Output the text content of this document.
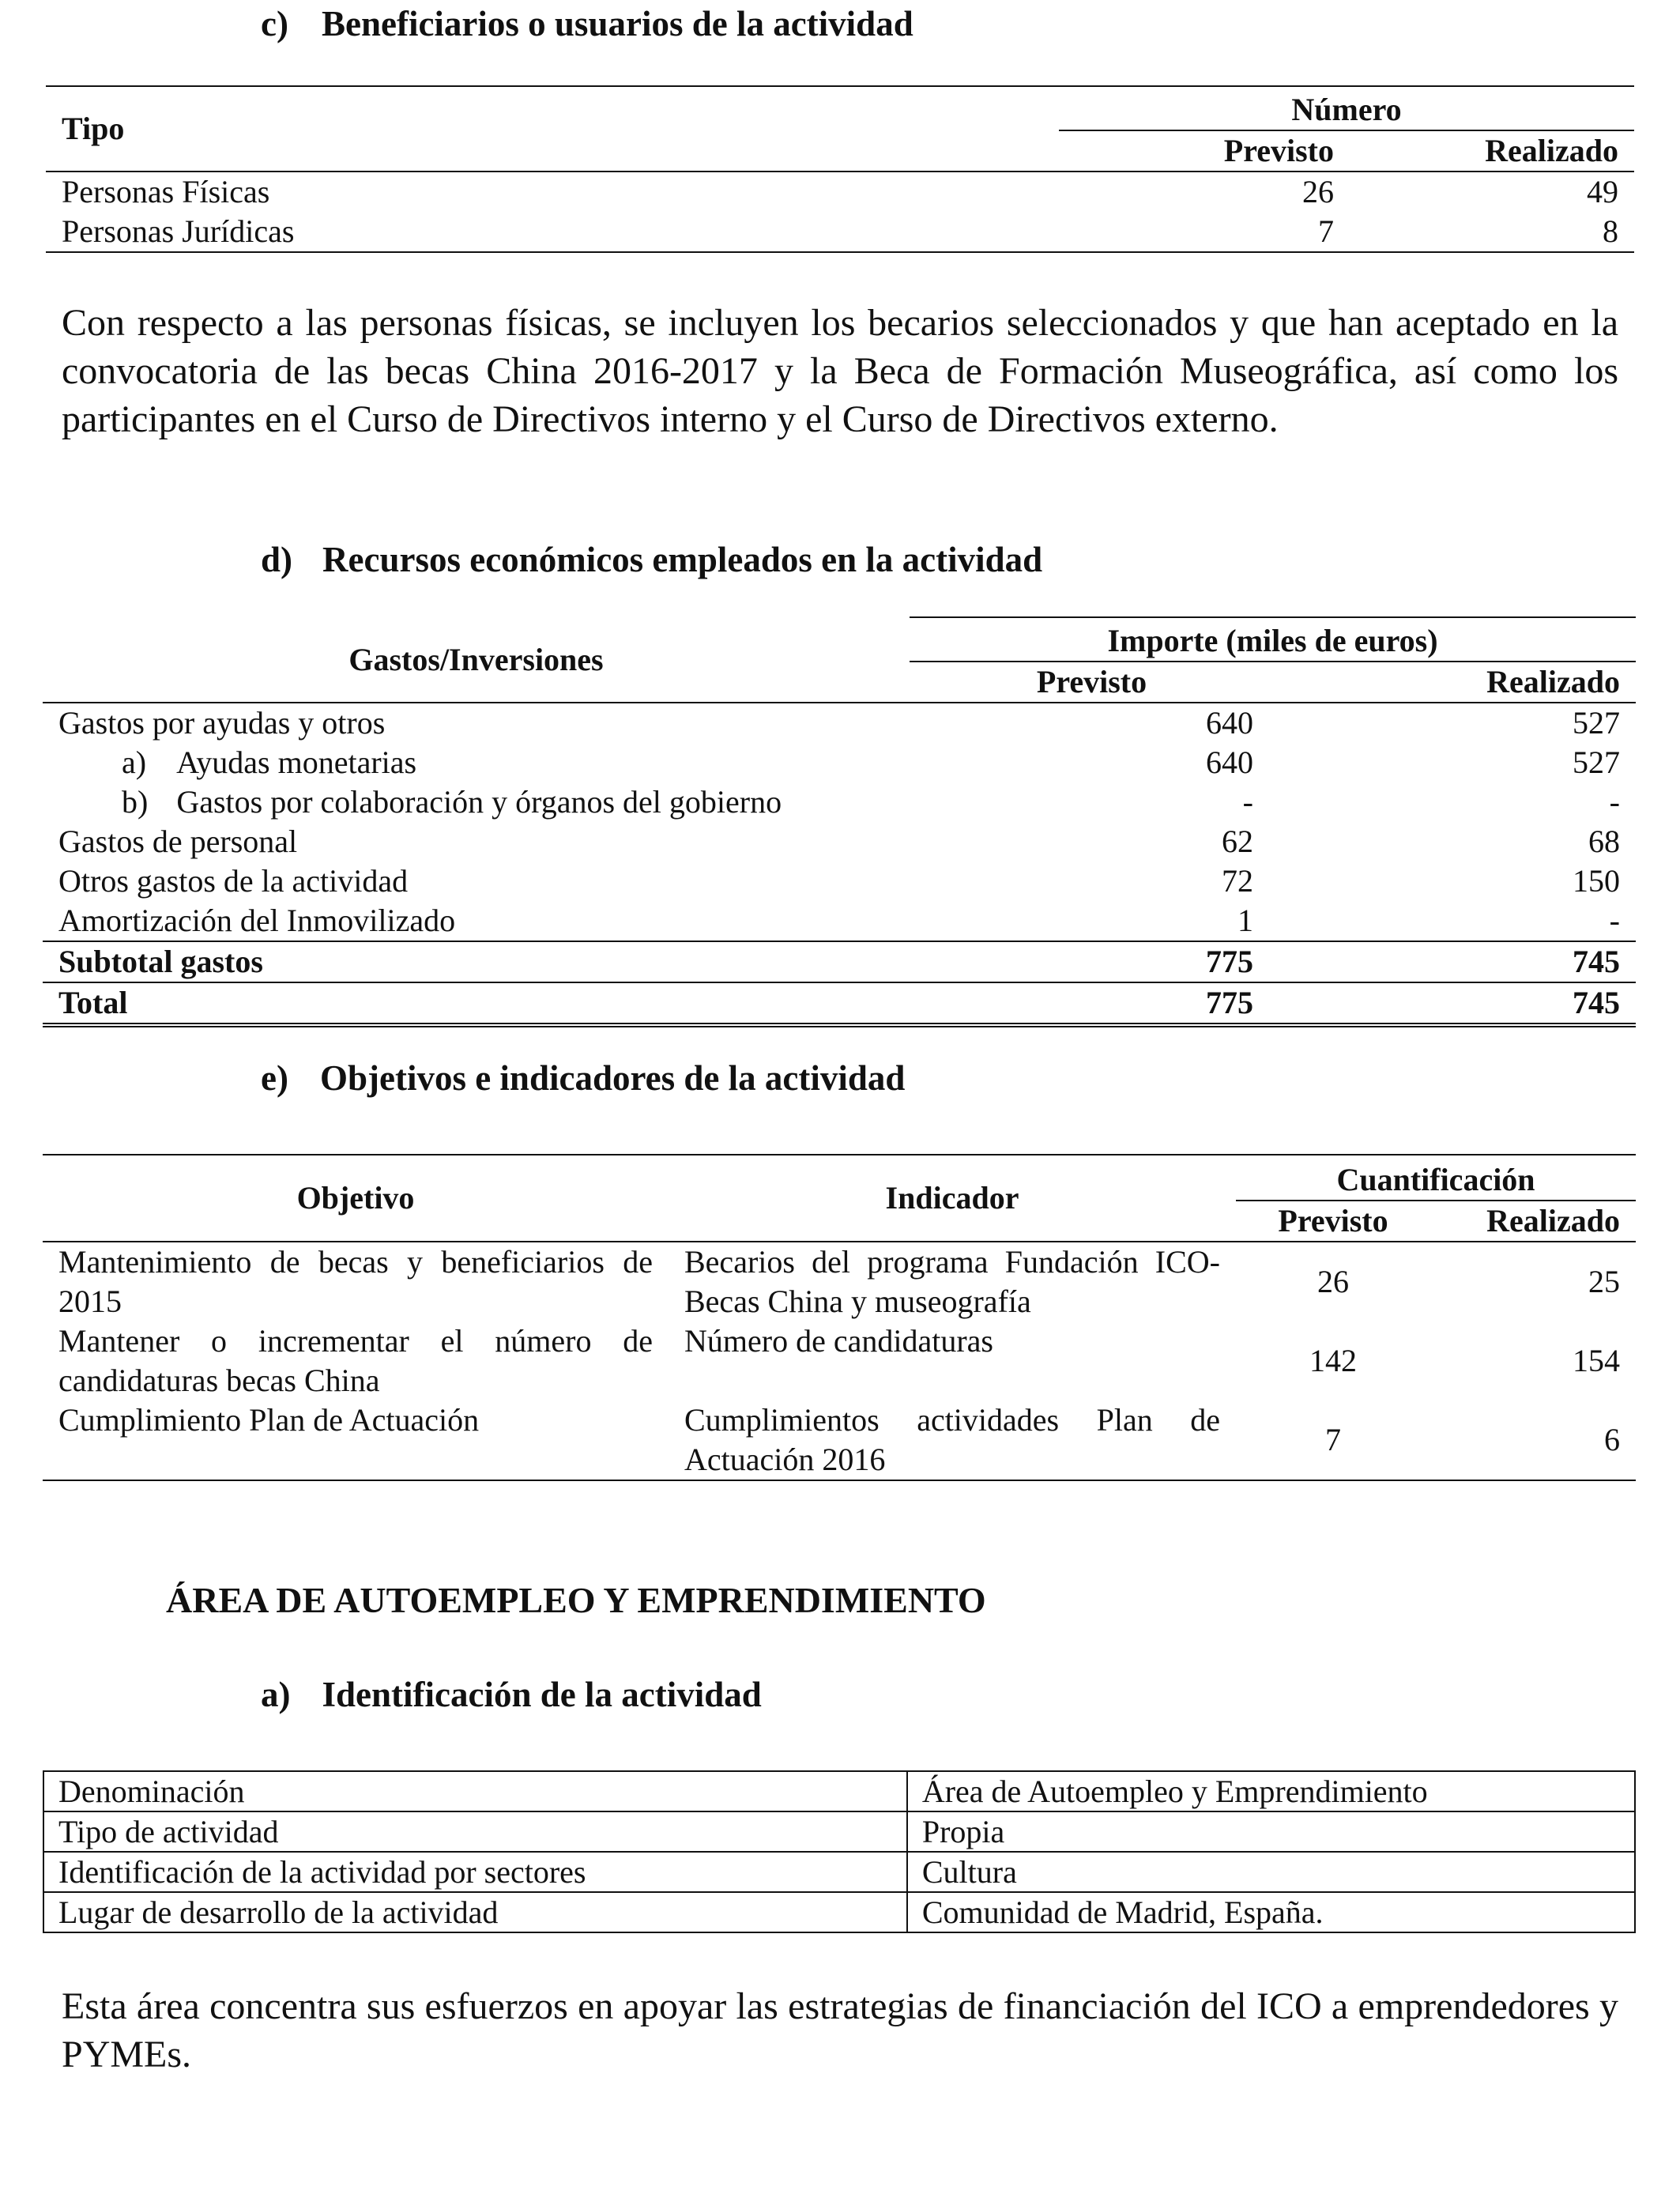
c) Beneficiarios o usuarios de la actividad
Tipo	Número	
	Previsto	Realizado
Personas Físicas	26	49
Personas Jurídicas	7	8
Con respecto a las personas físicas, se incluyen los becarios seleccionados y que han aceptado en la convocatoria de las becas China 2016-2017 y la Beca de Formación Museográfica, así como los participantes en el Curso de Directivos interno y el Curso de Directivos externo.
d) Recursos económicos empleados en la actividad
Gastos/Inversiones	Importe (miles de euros)	
	Previsto	Realizado
Gastos por ayudas y otros	640	527
a) Ayudas monetarias	640	527
b) Gastos por colaboración y órganos del gobierno	-	-
Gastos de personal	62	68
Otros gastos de la actividad	72	150
Amortización del Inmovilizado	1	-
Subtotal gastos	775	745
Total	775	745
e) Objetivos e indicadores de la actividad
Objetivo	Indicador	Cuantificación	
		Previsto	Realizado
Mantenimiento de becas y beneficiarios de 2015	Becarios del programa Fundación ICO-Becas China y museografía	26	25
Mantener o incrementar el número de candidaturas becas China	Número de candidaturas	142	154
Cumplimiento Plan de Actuación	Cumplimientos actividades Plan de Actuación 2016	7	6
ÁREA DE AUTOEMPLEO Y EMPRENDIMIENTO
a) Identificación de la actividad
Denominación	Área de Autoempleo y Emprendimiento
Tipo de actividad	Propia
Identificación de la actividad por sectores	Cultura
Lugar de desarrollo de la actividad	Comunidad de Madrid, España.
Esta área concentra sus esfuerzos en apoyar las estrategias de financiación del ICO a emprendedores y PYMEs.
